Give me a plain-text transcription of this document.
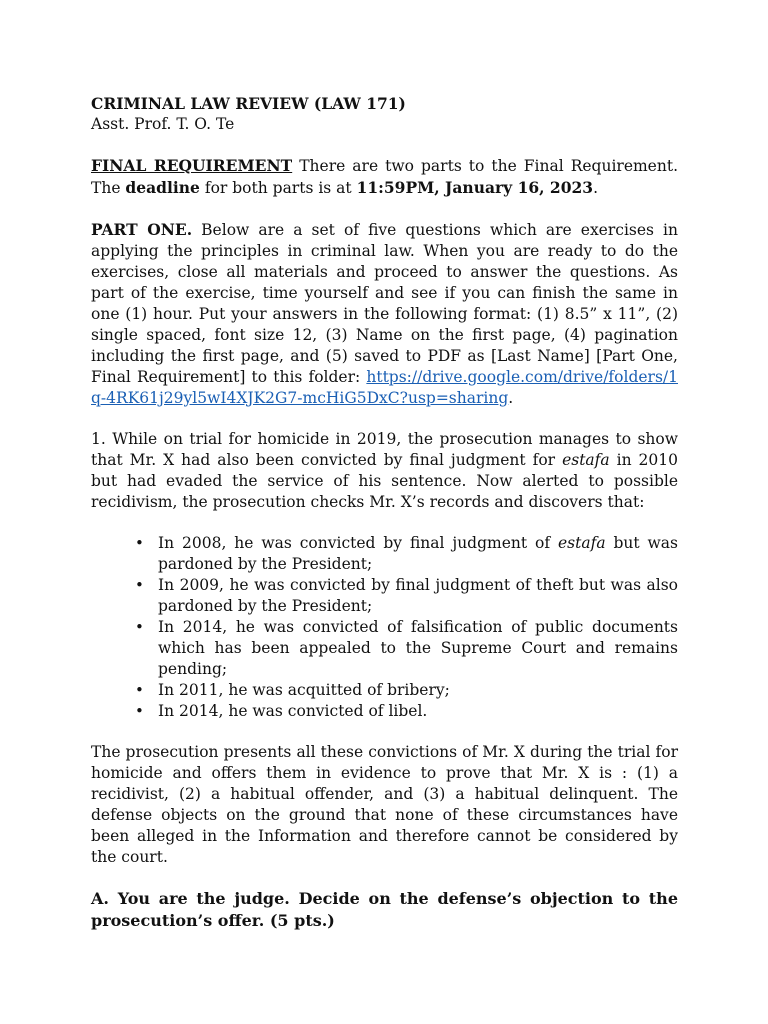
CRIMINAL LAW REVIEW (LAW 171)

Asst. Prof. T. O. Te

FINAL REQUIREMENT There are two parts to the Final Requirement. The deadline for both parts is at 11:59PM, January 16, 2023.

PART ONE. Below are a set of five questions which are exercises in applying the principles in criminal law. When you are ready to do the exercises, close all materials and proceed to answer the questions. As part of the exercise, time yourself and see if you can finish the same in one (1) hour. Put your answers in the following format: (1) 8.5” x 11”, (2) single spaced, font size 12, (3) Name on the first page, (4) pagination including the first page, and (5) saved to PDF as [Last Name] [Part One, Final Requirement] to this folder: https://drive.google.com/drive/folders/1q-4RK61j29yl5wI4XJK2G7-mcHiG5DxC?usp=sharing.

1. While on trial for homicide in 2019, the prosecution manages to show that Mr. X had also been convicted by final judgment for estafa in 2010 but had evaded the service of his sentence. Now alerted to possible recidivism, the prosecution checks Mr. X’s records and discovers that:

• In 2008, he was convicted by final judgment of estafa but was pardoned by the President;
• In 2009, he was convicted by final judgment of theft but was also pardoned by the President;
• In 2014, he was convicted of falsification of public documents which has been appealed to the Supreme Court and remains pending;
• In 2011, he was acquitted of bribery;
• In 2014, he was convicted of libel.

The prosecution presents all these convictions of Mr. X during the trial for homicide and offers them in evidence to prove that Mr. X is : (1) a recidivist, (2) a habitual offender, and (3) a habitual delinquent. The defense objects on the ground that none of these circumstances have been alleged in the Information and therefore cannot be considered by the court.

A. You are the judge. Decide on the defense’s objection to the prosecution’s offer. (5 pts.)
